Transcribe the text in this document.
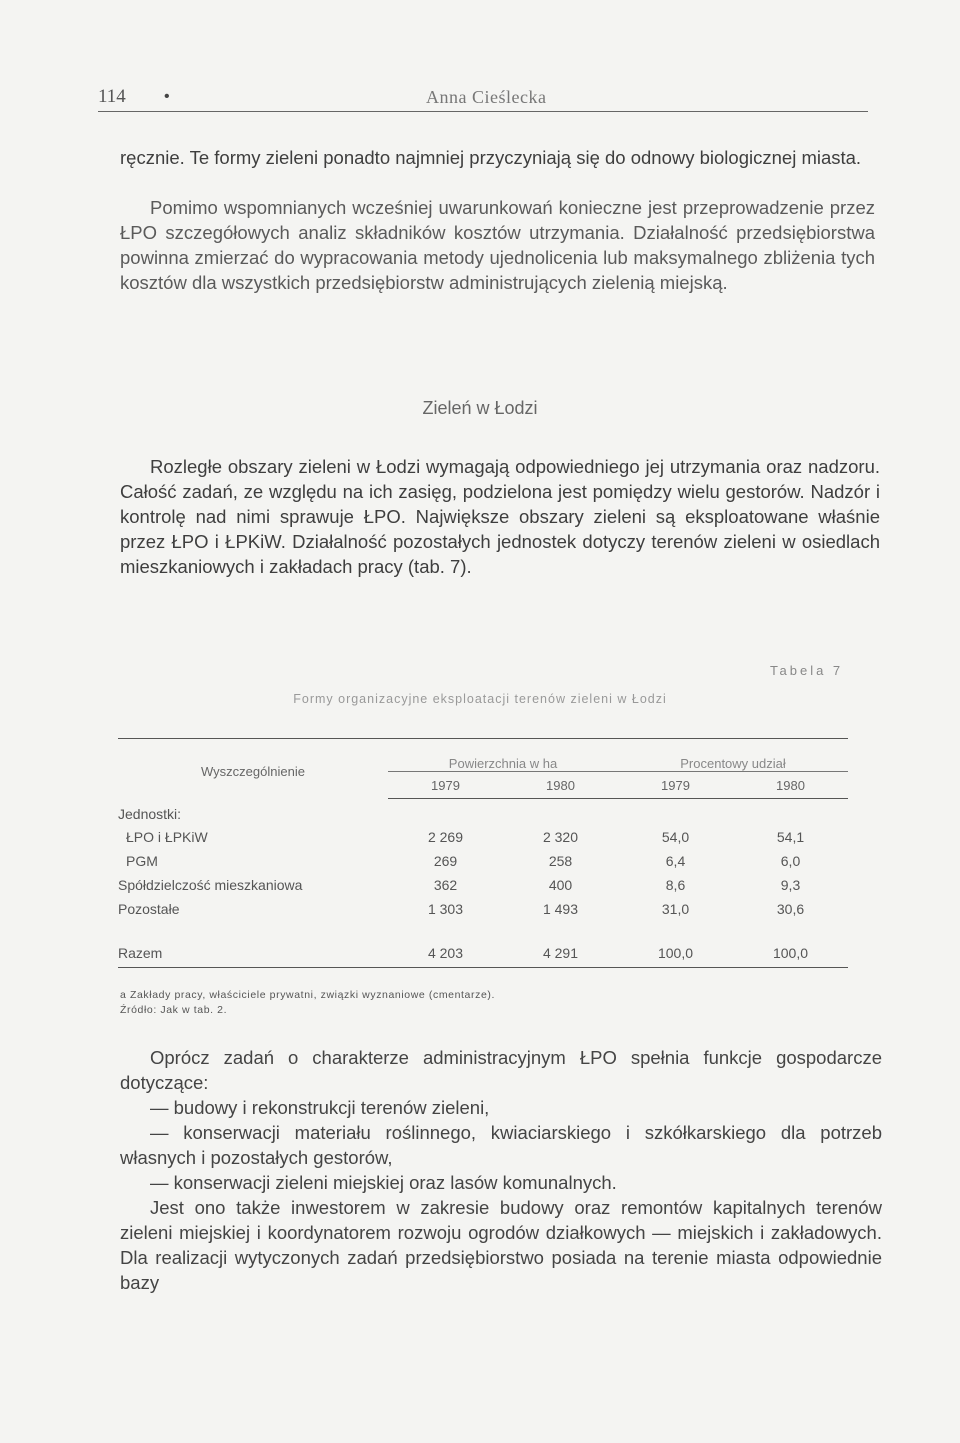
114 •	Anna Cieślecka

ręcznie. Te formy zieleni ponadto najmniej przyczyniają się do odnowy biologicznej miasta.

Pomimo wspomnianych wcześniej uwarunkowań konieczne jest przeprowadzenie przez ŁPO szczegółowych analiz składników kosztów utrzymania. Działalność przedsiębiorstwa powinna zmierzać do wypracowania metody ujednolicenia lub maksymalnego zbliżenia tych kosztów dla wszystkich przedsiębiorstw administrujących zielenią miejską.

Zieleń w Łodzi

Rozległe obszary zieleni w Łodzi wymagają odpowiedniego jej utrzymania oraz nadzoru. Całość zadań, ze względu na ich zasięg, podzielona jest pomiędzy wielu gestorów. Nadzór i kontrolę nad nimi sprawuje ŁPO. Największe obszary zieleni są eksploatowane właśnie przez ŁPO i ŁPKiW. Działalność pozostałych jednostek dotyczy terenów zieleni w osiedlach mieszkaniowych i zakładach pracy (tab. 7).

Tabela 7
Formy organizacyjne eksploatacji terenów zieleni w Łodzi

Wyszczególnienie	Powierzchnia w ha		Procentowy udział	
	1979	1980	1979	1980
Jednostki:				
ŁPO i ŁPKiW	2 269	2 320	54,0	54,1
PGM	269	258	6,4	6,0
Spółdzielczość mieszkaniowa	362	400	8,6	9,3
Pozostałe	1 303	1 493	31,0	30,6
Razem	4 203	4 291	100,0	100,0

a Zakłady pracy, właściciele prywatni, związki wyznaniowe (cmentarze).
Źródło: Jak w tab. 2.

Oprócz zadań o charakterze administracyjnym ŁPO spełnia funkcje gospodarcze dotyczące:

— budowy i rekonstrukcji terenów zieleni,

— konserwacji materiału roślinnego, kwiaciarskiego i szkółkarskiego dla potrzeb własnych i pozostałych gestorów,

— konserwacji zieleni miejskiej oraz lasów komunalnych.

Jest ono także inwestorem w zakresie budowy oraz remontów kapitalnych terenów zieleni miejskiej i koordynatorem rozwoju ogrodów działkowych — miejskich i zakładowych. Dla realizacji wytyczonych zadań przedsiębiorstwo posiada na terenie miasta odpowiednie bazy
